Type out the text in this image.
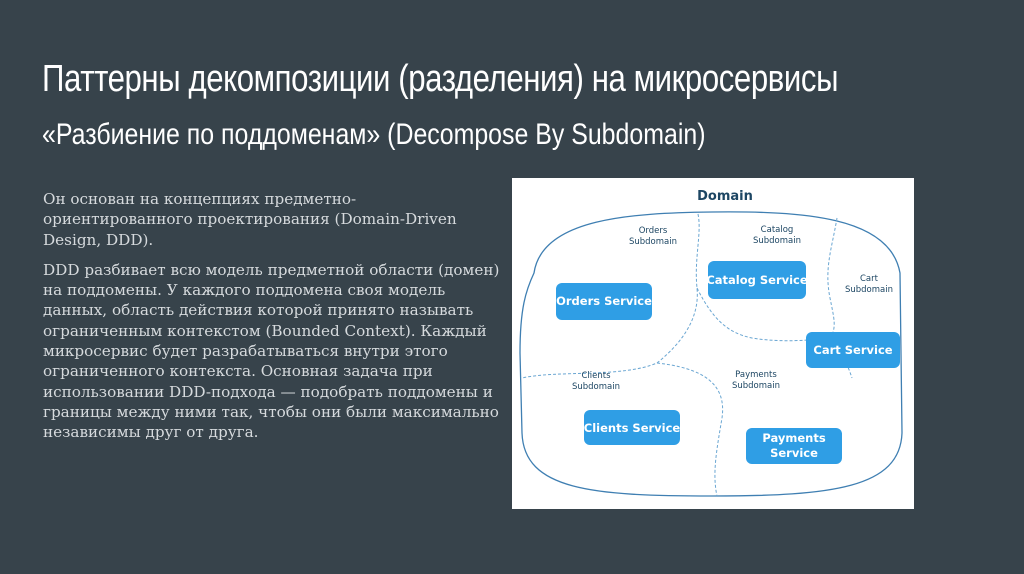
Паттерны декомпозиции (разделения) на микросервисы
«Разбиение по поддоменам» (Decompose By Subdomain)

Он основан на концепциях предметно-ориентированного проектирования (Domain-Driven Design, DDD).

DDD разбивает всю модель предметной области (домен) на поддомены. У каждого поддомена своя модель данных, область действия которой принято называть ограниченным контекстом (Bounded Context). Каждый микросервис будет разрабатываться внутри этого ограниченного контекста. Основная задача при использовании DDD-подхода — подобрать поддомены и границы между ними так, чтобы они были максимально независимы друг от друга.

Domain
Orders
Subdomain
Catalog
Subdomain
Cart
Subdomain
Clients
Subdomain
Payments
Subdomain
Orders Service
Catalog Service
Cart Service
Clients Service
Payments
Service
